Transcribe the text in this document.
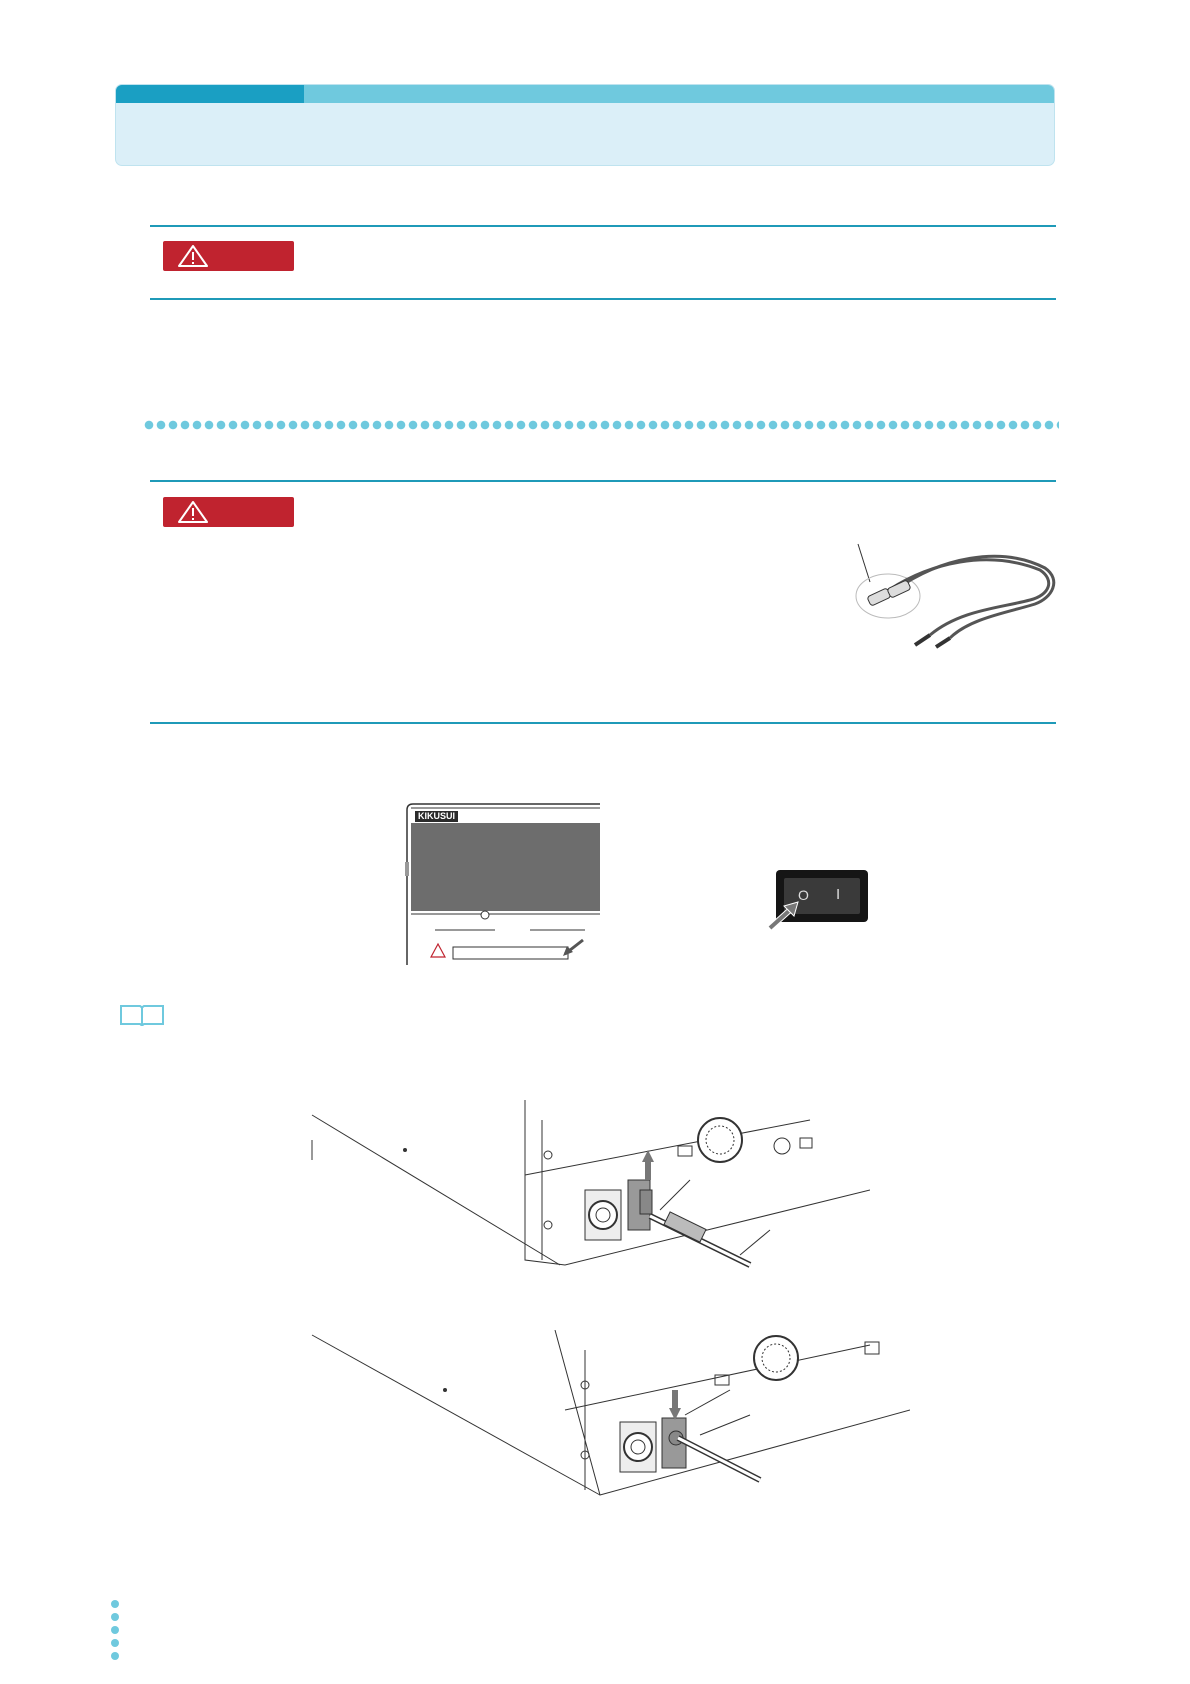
KIKUSUI
O I
